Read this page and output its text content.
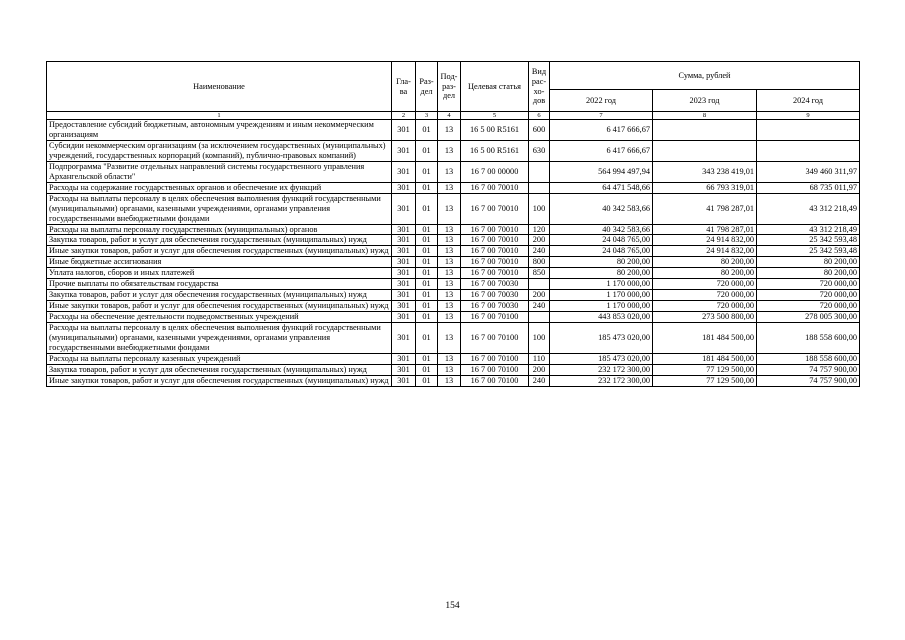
Наименование	Гла-ва	Раз-дел	Под-раз-дел	Целевая статья	Вид рас-хо-дов	Сумма, рублей		
						2022 год	2023 год	2024 год
1	2	3	4	5	6	7	8	9
Предоставление субсидий бюджетным, автономным учреждениям и иным некоммерческим организациям	301	01	13	16 5 00 R5161	600	6 417 666,67		
Субсидии некоммерческим организациям (за исключением государственных (муниципальных) учреждений, государственных корпораций (компаний), публично-правовых компаний)	301	01	13	16 5 00 R5161	630	6 417 666,67		
Подпрограмма "Развитие отдельных направлений системы государственного управления Архангельской области"	301	01	13	16 7 00 00000		564 994 497,94	343 238 419,01	349 460 311,97
Расходы на содержание государственных органов и обеспечение их функций	301	01	13	16 7 00 70010		64 471 548,66	66 793 319,01	68 735 011,97
Расходы на выплаты персоналу в целях обеспечения выполнения функций государственными (муниципальными) органами, казенными учреждениями, органами управления государственными внебюджетными фондами	301	01	13	16 7 00 70010	100	40 342 583,66	41 798 287,01	43 312 218,49
Расходы на выплаты персоналу государственных (муниципальных) органов	301	01	13	16 7 00 70010	120	40 342 583,66	41 798 287,01	43 312 218,49
Закупка товаров, работ и услуг для обеспечения государственных (муниципальных) нужд	301	01	13	16 7 00 70010	200	24 048 765,00	24 914 832,00	25 342 593,48
Иные закупки товаров, работ и услуг для обеспечения государственных (муниципальных) нужд	301	01	13	16 7 00 70010	240	24 048 765,00	24 914 832,00	25 342 593,48
Иные бюджетные ассигнования	301	01	13	16 7 00 70010	800	80 200,00	80 200,00	80 200,00
Уплата налогов, сборов и иных платежей	301	01	13	16 7 00 70010	850	80 200,00	80 200,00	80 200,00
Прочие выплаты по обязательствам государства	301	01	13	16 7 00 70030		1 170 000,00	720 000,00	720 000,00
Закупка товаров, работ и услуг для обеспечения государственных (муниципальных) нужд	301	01	13	16 7 00 70030	200	1 170 000,00	720 000,00	720 000,00
Иные закупки товаров, работ и услуг для обеспечения государственных (муниципальных) нужд	301	01	13	16 7 00 70030	240	1 170 000,00	720 000,00	720 000,00
Расходы на обеспечение деятельности подведомственных учреждений	301	01	13	16 7 00 70100		443 853 020,00	273 500 800,00	278 005 300,00
Расходы на выплаты персоналу в целях обеспечения выполнения функций государственными (муниципальными) органами, казенными учреждениями, органами управления государственными внебюджетными фондами	301	01	13	16 7 00 70100	100	185 473 020,00	181 484 500,00	188 558 600,00
Расходы на выплаты персоналу казенных учреждений	301	01	13	16 7 00 70100	110	185 473 020,00	181 484 500,00	188 558 600,00
Закупка товаров, работ и услуг для обеспечения государственных (муниципальных) нужд	301	01	13	16 7 00 70100	200	232 172 300,00	77 129 500,00	74 757 900,00
Иные закупки товаров, работ и услуг для обеспечения государственных (муниципальных) нужд	301	01	13	16 7 00 70100	240	232 172 300,00	77 129 500,00	74 757 900,00
154
